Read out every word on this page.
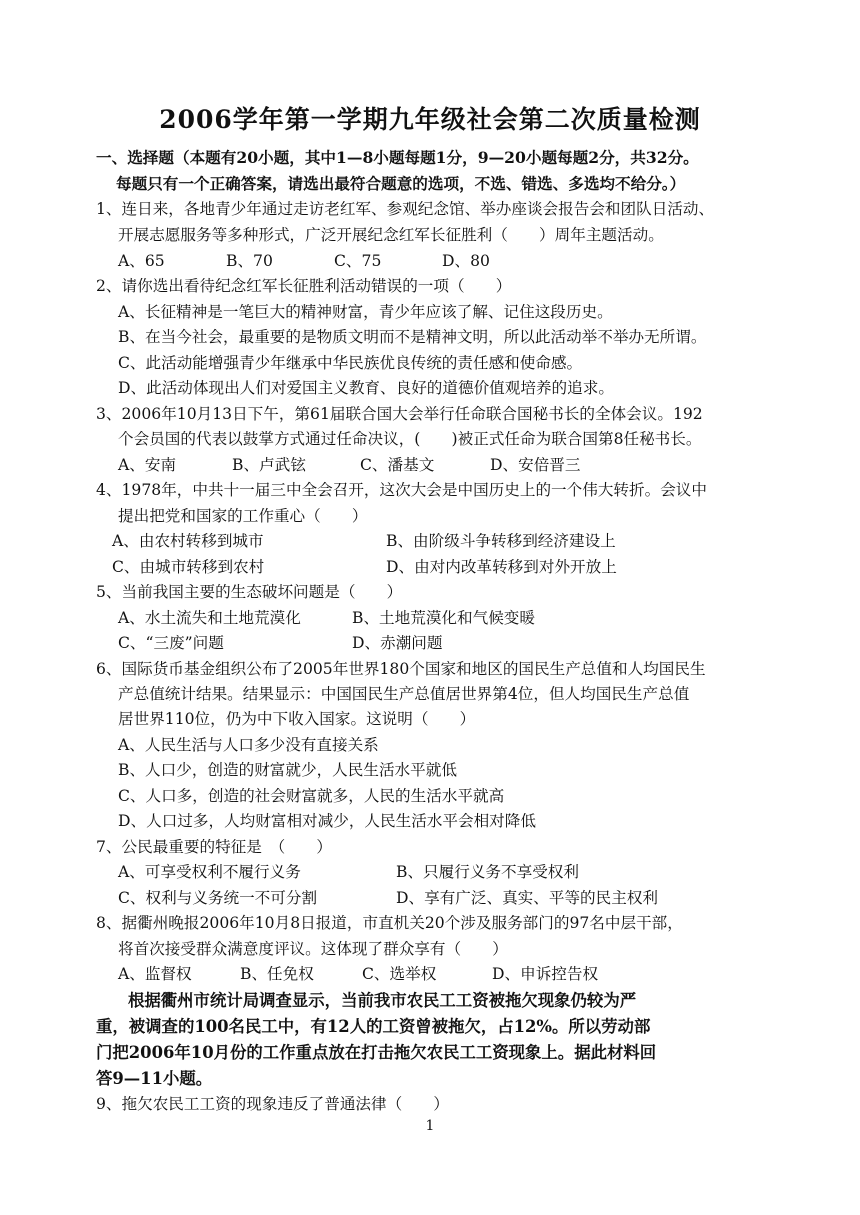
2006学年第一学期九年级社会第二次质量检测
一、选择题（本题有20小题，其中1—8小题每题1分，9—20小题每题2分，共32分。
每题只有一个正确答案，请选出最符合题意的选项，不选、错选、多选均不给分。）
1、连日来，各地青少年通过走访老红军、参观纪念馆、举办座谈会报告会和团队日活动、
开展志愿服务等多种形式，广泛开展纪念红军长征胜利（　　）周年主题活动。
A、65	B、70	C、75	D、80
2、请你选出看待纪念红军长征胜利活动错误的一项（　　）
A、长征精神是一笔巨大的精神财富，青少年应该了解、记住这段历史。
B、在当今社会，最重要的是物质文明而不是精神文明，所以此活动举不举办无所谓。
C、此活动能增强青少年继承中华民族优良传统的责任感和使命感。
D、此活动体现出人们对爱国主义教育、良好的道德价值观培养的追求。
3、2006年10月13日下午，第61届联合国大会举行任命联合国秘书长的全体会议。192
个会员国的代表以鼓掌方式通过任命决议，(　　)被正式任命为联合国第8任秘书长。
A、安南	B、卢武铉	C、潘基文	D、安倍晋三
4、1978年，中共十一届三中全会召开，这次大会是中国历史上的一个伟大转折。会议中
提出把党和国家的工作重心（　　）
A、由农村转移到城市	B、由阶级斗争转移到经济建设上
C、由城市转移到农村	D、由对内改革转移到对外开放上
5、当前我国主要的生态破坏问题是（　　）
A、水土流失和土地荒漠化	B、土地荒漠化和气候变暖
C、“三废”问题	D、赤潮问题
6、国际货币基金组织公布了2005年世界180个国家和地区的国民生产总值和人均国民生
产总值统计结果。结果显示：中国国民生产总值居世界第4位，但人均国民生产总值
居世界110位，仍为中下收入国家。这说明（　　）
A、人民生活与人口多少没有直接关系
B、人口少，创造的财富就少，人民生活水平就低
C、人口多，创造的社会财富就多，人民的生活水平就高
D、人口过多，人均财富相对减少，人民生活水平会相对降低
7、公民最重要的特征是　（　　）
A、可享受权利不履行义务	B、只履行义务不享受权利
C、权利与义务统一不可分割	D、享有广泛、真实、平等的民主权利
8、据衢州晚报2006年10月8日报道，市直机关20个涉及服务部门的97名中层干部，
将首次接受群众满意度评议。这体现了群众享有（　　）
A、监督权	B、任免权	C、选举权	D、申诉控告权
根据衢州市统计局调查显示，当前我市农民工工资被拖欠现象仍较为严
重，被调查的100名民工中，有12人的工资曾被拖欠，占12%。所以劳动部
门把2006年10月份的工作重点放在打击拖欠农民工工资现象上。据此材料回
答9—11小题。
9、拖欠农民工工资的现象违反了普通法律（　　）
1
